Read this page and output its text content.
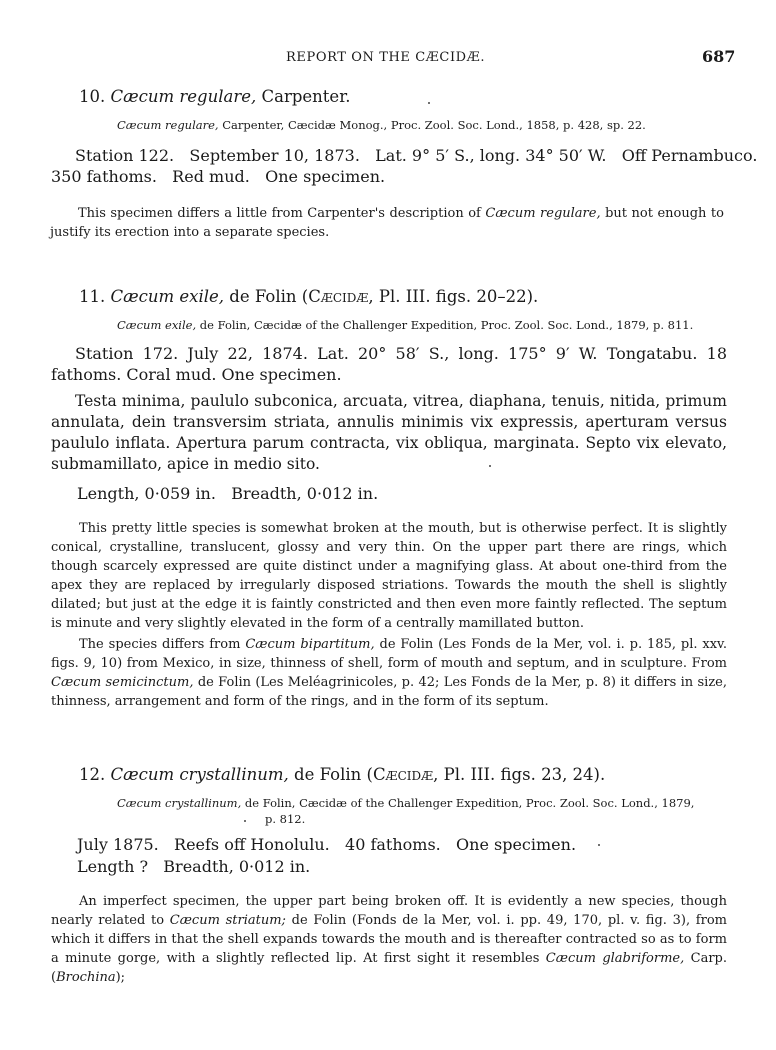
REPORT ON THE CÆCIDÆ.	687
10. Cæcum regulare, Carpenter.
Cæcum regulare, Carpenter, Cæcidæ Monog., Proc. Zool. Soc. Lond., 1858, p. 428, sp. 22.

Station 122.   September 10, 1873.   Lat. 9° 5′ S., long. 34° 50′ W.   Off Pernambuco.

350 fathoms.   Red mud.   One specimen.

This specimen differs a little from Carpenter's description of Cæcum regulare, but not enough to justify its erection into a separate species.

11. Cæcum exile, de Folin (Cæcidæ, Pl. III. figs. 20–22).
Cæcum exile, de Folin, Cæcidæ of the Challenger Expedition, Proc. Zool. Soc. Lond., 1879, p. 811.

Station 172. July 22, 1874. Lat. 20° 58′ S., long. 175° 9′ W. Tongatabu. 18 fathoms. Coral mud. One specimen.

Testa minima, paululo subconica, arcuata, vitrea, diaphana, tenuis, nitida, primum annulata, dein transversim striata, annulis minimis vix expressis, aperturam versus paululo inflata. Apertura parum contracta, vix obliqua, marginata. Septo vix elevato, submamillato, apice in medio sito.

Length, 0·059 in.   Breadth, 0·012 in.

This pretty little species is somewhat broken at the mouth, but is otherwise perfect. It is slightly conical, crystalline, translucent, glossy and very thin. On the upper part there are rings, which though scarcely expressed are quite distinct under a magnifying glass. At about one-third from the apex they are replaced by irregularly disposed striations. Towards the mouth the shell is slightly dilated; but just at the edge it is faintly constricted and then even more faintly reflected. The septum is minute and very slightly elevated in the form of a centrally mamillated button.

The species differs from Cæcum bipartitum, de Folin (Les Fonds de la Mer, vol. i. p. 185, pl. xxv. figs. 9, 10) from Mexico, in size, thinness of shell, form of mouth and septum, and in sculpture. From Cæcum semicinctum, de Folin (Les Meléagrinicoles, p. 42; Les Fonds de la Mer, p. 8) it differs in size, thinness, arrangement and form of the rings, and in the form of its septum.

12. Cæcum crystallinum, de Folin (Cæcidæ, Pl. III. figs. 23, 24).
Cæcum crystallinum, de Folin, Cæcidæ of the Challenger Expedition, Proc. Zool. Soc. Lond., 1879,
p. 812.
July 1875.   Reefs off Honolulu.   40 fathoms.   One specimen.
Length ?   Breadth, 0·012 in.

An imperfect specimen, the upper part being broken off. It is evidently a new species, though nearly related to Cæcum striatum; de Folin (Fonds de la Mer, vol. i. pp. 49, 170, pl. v. fig. 3), from which it differs in that the shell expands towards the mouth and is thereafter contracted so as to form a minute gorge, with a slightly reflected lip. At first sight it resembles Cæcum glabriforme, Carp. (Brochina);
